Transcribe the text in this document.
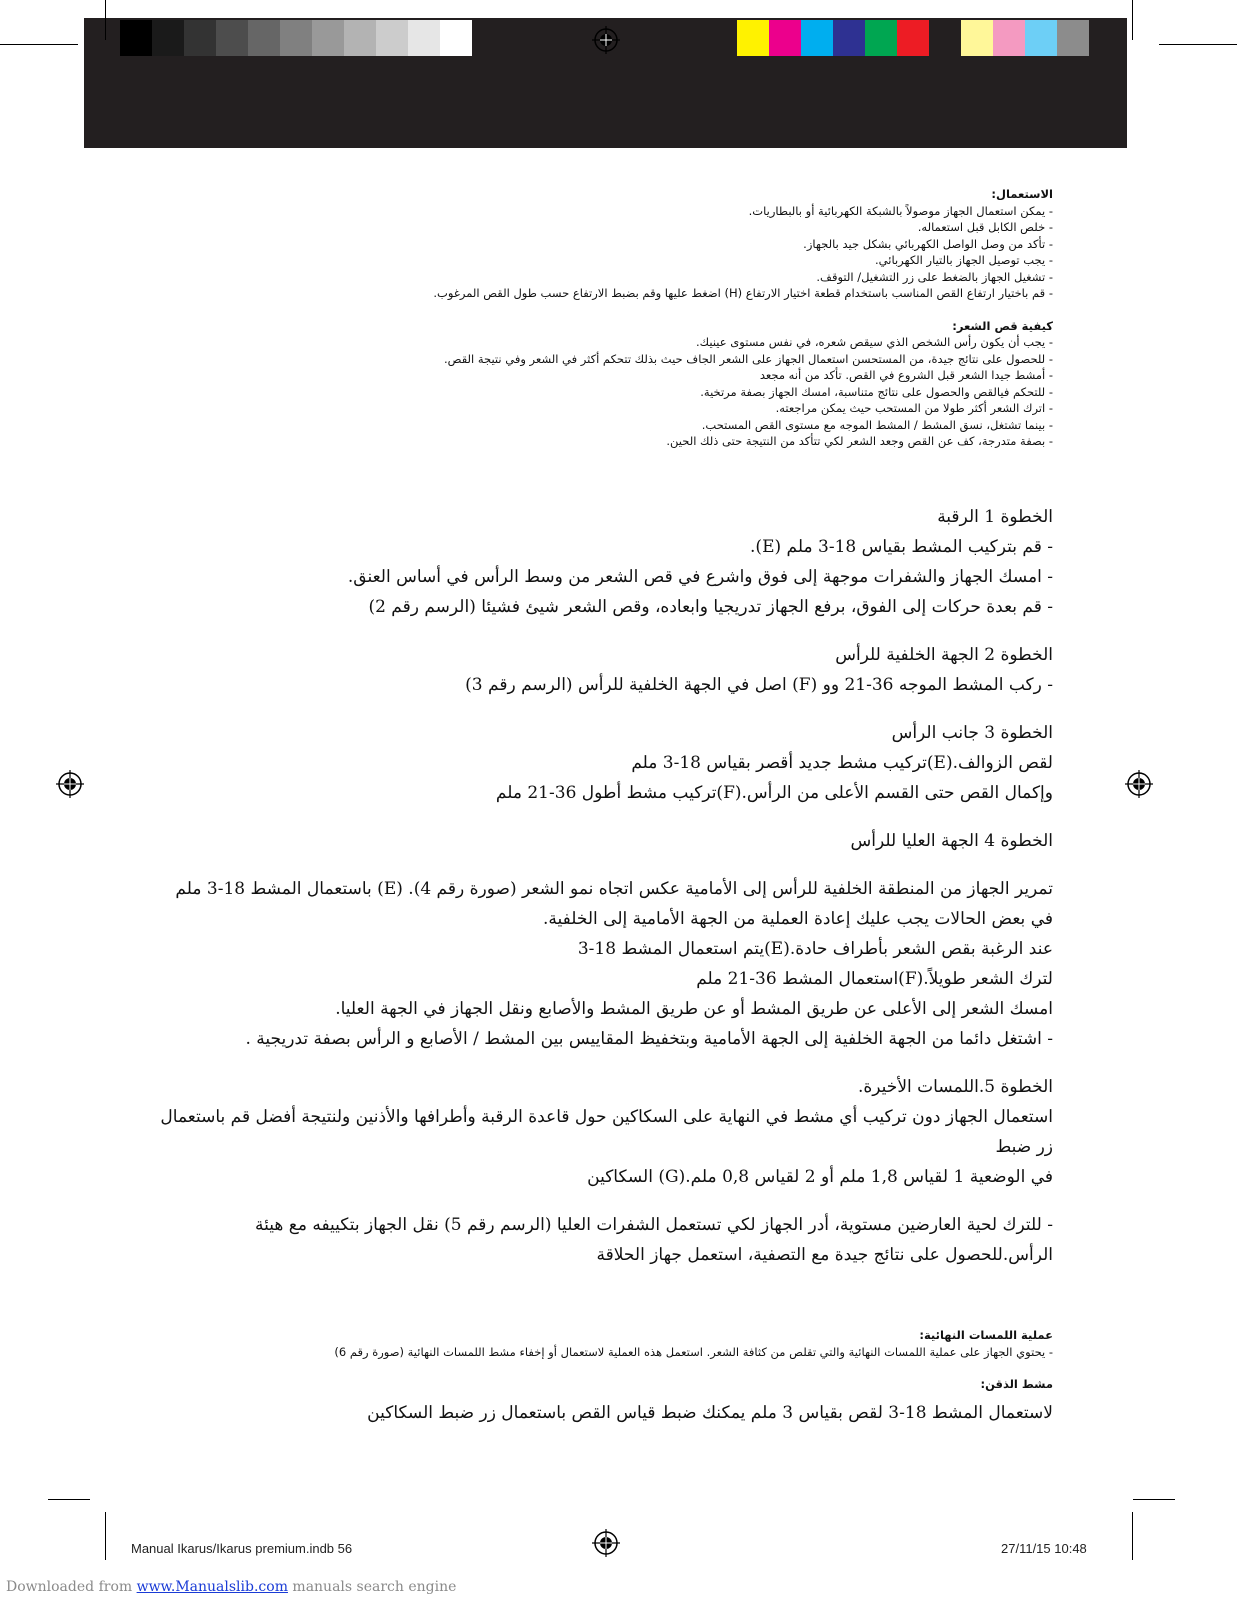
الاستعمال:
- يمكن استعمال الجهاز موصولاً بالشبكة الكهربائية أو بالبطاريات.
- خلص الكابل قبل استعماله.
- تأكد من وصل الواصل الكهربائي بشكل جيد بالجهاز.
- يجب توصيل الجهاز بالتيار الكهربائي.
- تشغيل الجهاز بالضغط على زر التشغيل/ التوقف.
- قم باختيار ارتفاع القص المناسب باستخدام قطعة اختيار الارتفاع (H) اضغط عليها وقم بضبط الارتفاع حسب طول القص المرغوب.
كيفية قص الشعر:
- يجب أن يكون رأس الشخص الذي سيقص شعره، في نفس مستوى عينيك.
- للحصول على نتائج جيدة، من المستحسن استعمال الجهاز على الشعر الجاف حيث بذلك تتحكم أكثر في الشعر وفي نتيجة القص.
- أمشط جيدا الشعر قبل الشروع في القص. تأكد من أنه مجعد
- للتحكم فيالقص والحصول على نتائج متناسبة، امسك الجهاز بصفة مرتخية.
- اترك الشعر أكثر طولا من المستحب حيث يمكن مراجعته.
- بينما تشتغل، نسق المشط / المشط الموجه مع مستوى القص المستحب.
- بصفة متدرجة، كف عن القص وجعد الشعر لكي تتأكد من النتيجة حتى ذلك الحين.

الخطوة 1 الرقبة

- قم بتركيب المشط بقياس 18-3 ملم (E).

- امسك الجهاز والشفرات موجهة إلى فوق واشرع في قص الشعر من وسط الرأس في أساس العنق.

- قم بعدة حركات إلى الفوق، برفع الجهاز تدريجيا وابعاده، وقص الشعر شيئ فشيئا (الرسم رقم 2)

الخطوة 2 الجهة الخلفية للرأس

- ركب المشط الموجه 36-21 وو (F) اصل في الجهة الخلفية للرأس (الرسم رقم 3)

الخطوة 3 جانب الرأس

لقص الزوالف.(E)تركيب مشط جديد أقصر بقياس 18-3 ملم

وإكمال القص حتى القسم الأعلى من الرأس.(F)تركيب مشط أطول 36-21 ملم

الخطوة 4 الجهة العليا للرأس

تمرير الجهاز من المنطقة الخلفية للرأس إلى الأمامية عكس اتجاه نمو الشعر (صورة رقم 4). (E) باستعمال المشط 18-3 ملم

في بعض الحالات يجب عليك إعادة العملية من الجهة الأمامية إلى الخلفية.

عند الرغبة بقص الشعر بأطراف حادة.(E)يتم استعمال المشط 18-3

لترك الشعر طويلاً.(F)استعمال المشط 36-21 ملم

امسك الشعر إلى الأعلى عن طريق المشط أو عن طريق المشط والأصابع ونقل الجهاز في الجهة العليا.

- اشتغل دائما من الجهة الخلفية إلى الجهة الأمامية وبتخفيظ المقاييس بين المشط / الأصابع و الرأس بصفة تدريجية .

الخطوة 5.اللمسات الأخيرة.

استعمال الجهاز دون تركيب أي مشط في النهاية على السكاكين حول قاعدة الرقبة وأطرافها والأذنين ولنتيجة أفضل قم باستعمال زر ضبط

في الوضعية 1 لقياس 1,8 ملم أو 2 لقياس 0,8 ملم.(G) السكاكين

- للترك لحية العارضين مستوية، أدر الجهاز لكي تستعمل الشفرات العليا (الرسم رقم 5) نقل الجهاز بتكييفه مع هيئة الرأس.للحصول على نتائج جيدة مع التصفية، استعمل جهاز الحلاقة

عملية اللمسات النهائية:
- يحتوي الجهاز على عملية اللمسات النهائية والتي تقلص من كثافة الشعر. استعمل هذه العملية لاستعمال أو إخفاء مشط اللمسات النهائية (صورة رقم 6)
مشط الذقن:

لاستعمال المشط 18-3 لقص بقياس 3 ملم يمكنك ضبط قياس القص باستعمال زر ضبط السكاكين

Manual Ikarus/Ikarus premium.indb 56	27/11/15 10:48
Downloaded from www.Manualslib.com manuals search engine
